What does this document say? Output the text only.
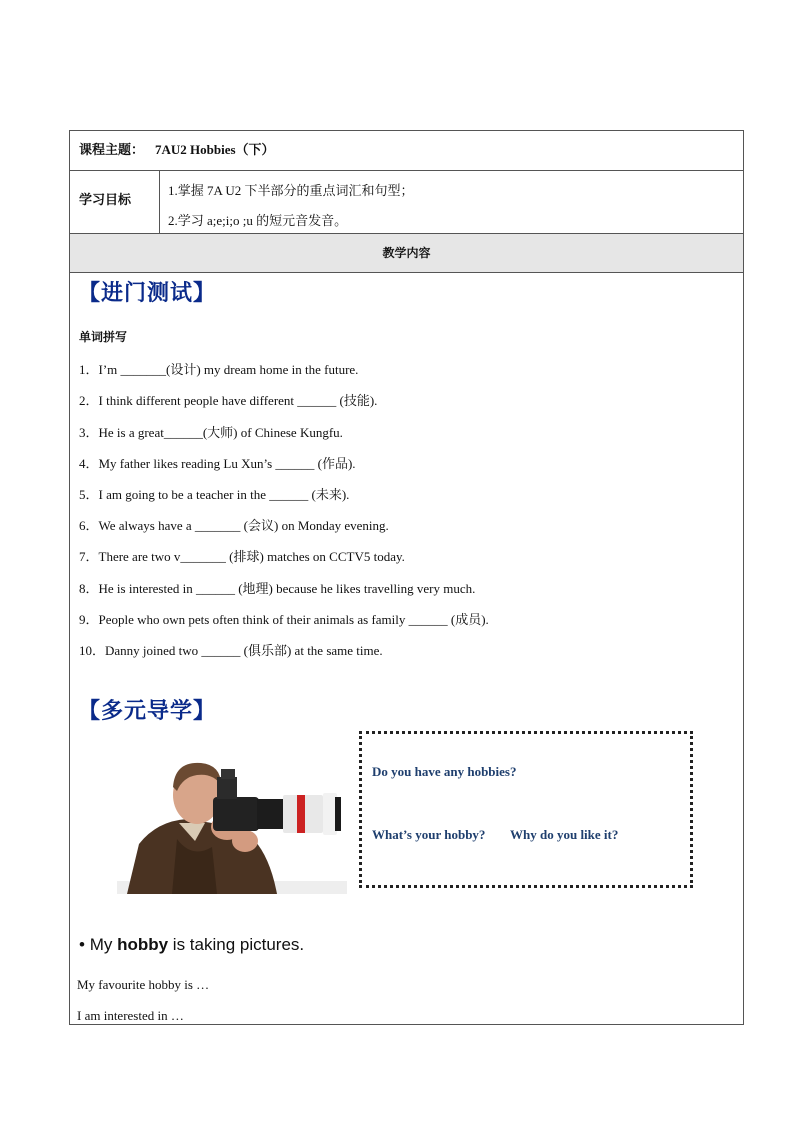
课程主题： 7AU2 Hobbies（下）
学习目标
1.掌握 7A U2 下半部分的重点词汇和句型；
2.学习 a;e;i;o ;u 的短元音发音。
教学内容
【进门测试】
单词拼写
1．I’m _______(设计) my dream home in the future.
2．I think different people have different ______ (技能).
3．He is a great______(大师) of Chinese Kungfu.
4．My father likes reading Lu Xun’s ______ (作品).
5．I am going to be a teacher in the ______ (未来).
6．We always have a _______ (会议) on Monday evening.
7．There are two v_______ (排球) matches on CCTV5 today.
8．He is interested in ______ (地理) because he likes travelling very much.
9．People who own pets often think of their animals as family ______ (成员).
10．Danny joined two ______ (俱乐部) at the same time.
【多元导学】
Do you have any hobbies?
What’s your hobby? Why do you like it?
• My hobby is taking pictures.
My favourite hobby is …
I am interested in …
